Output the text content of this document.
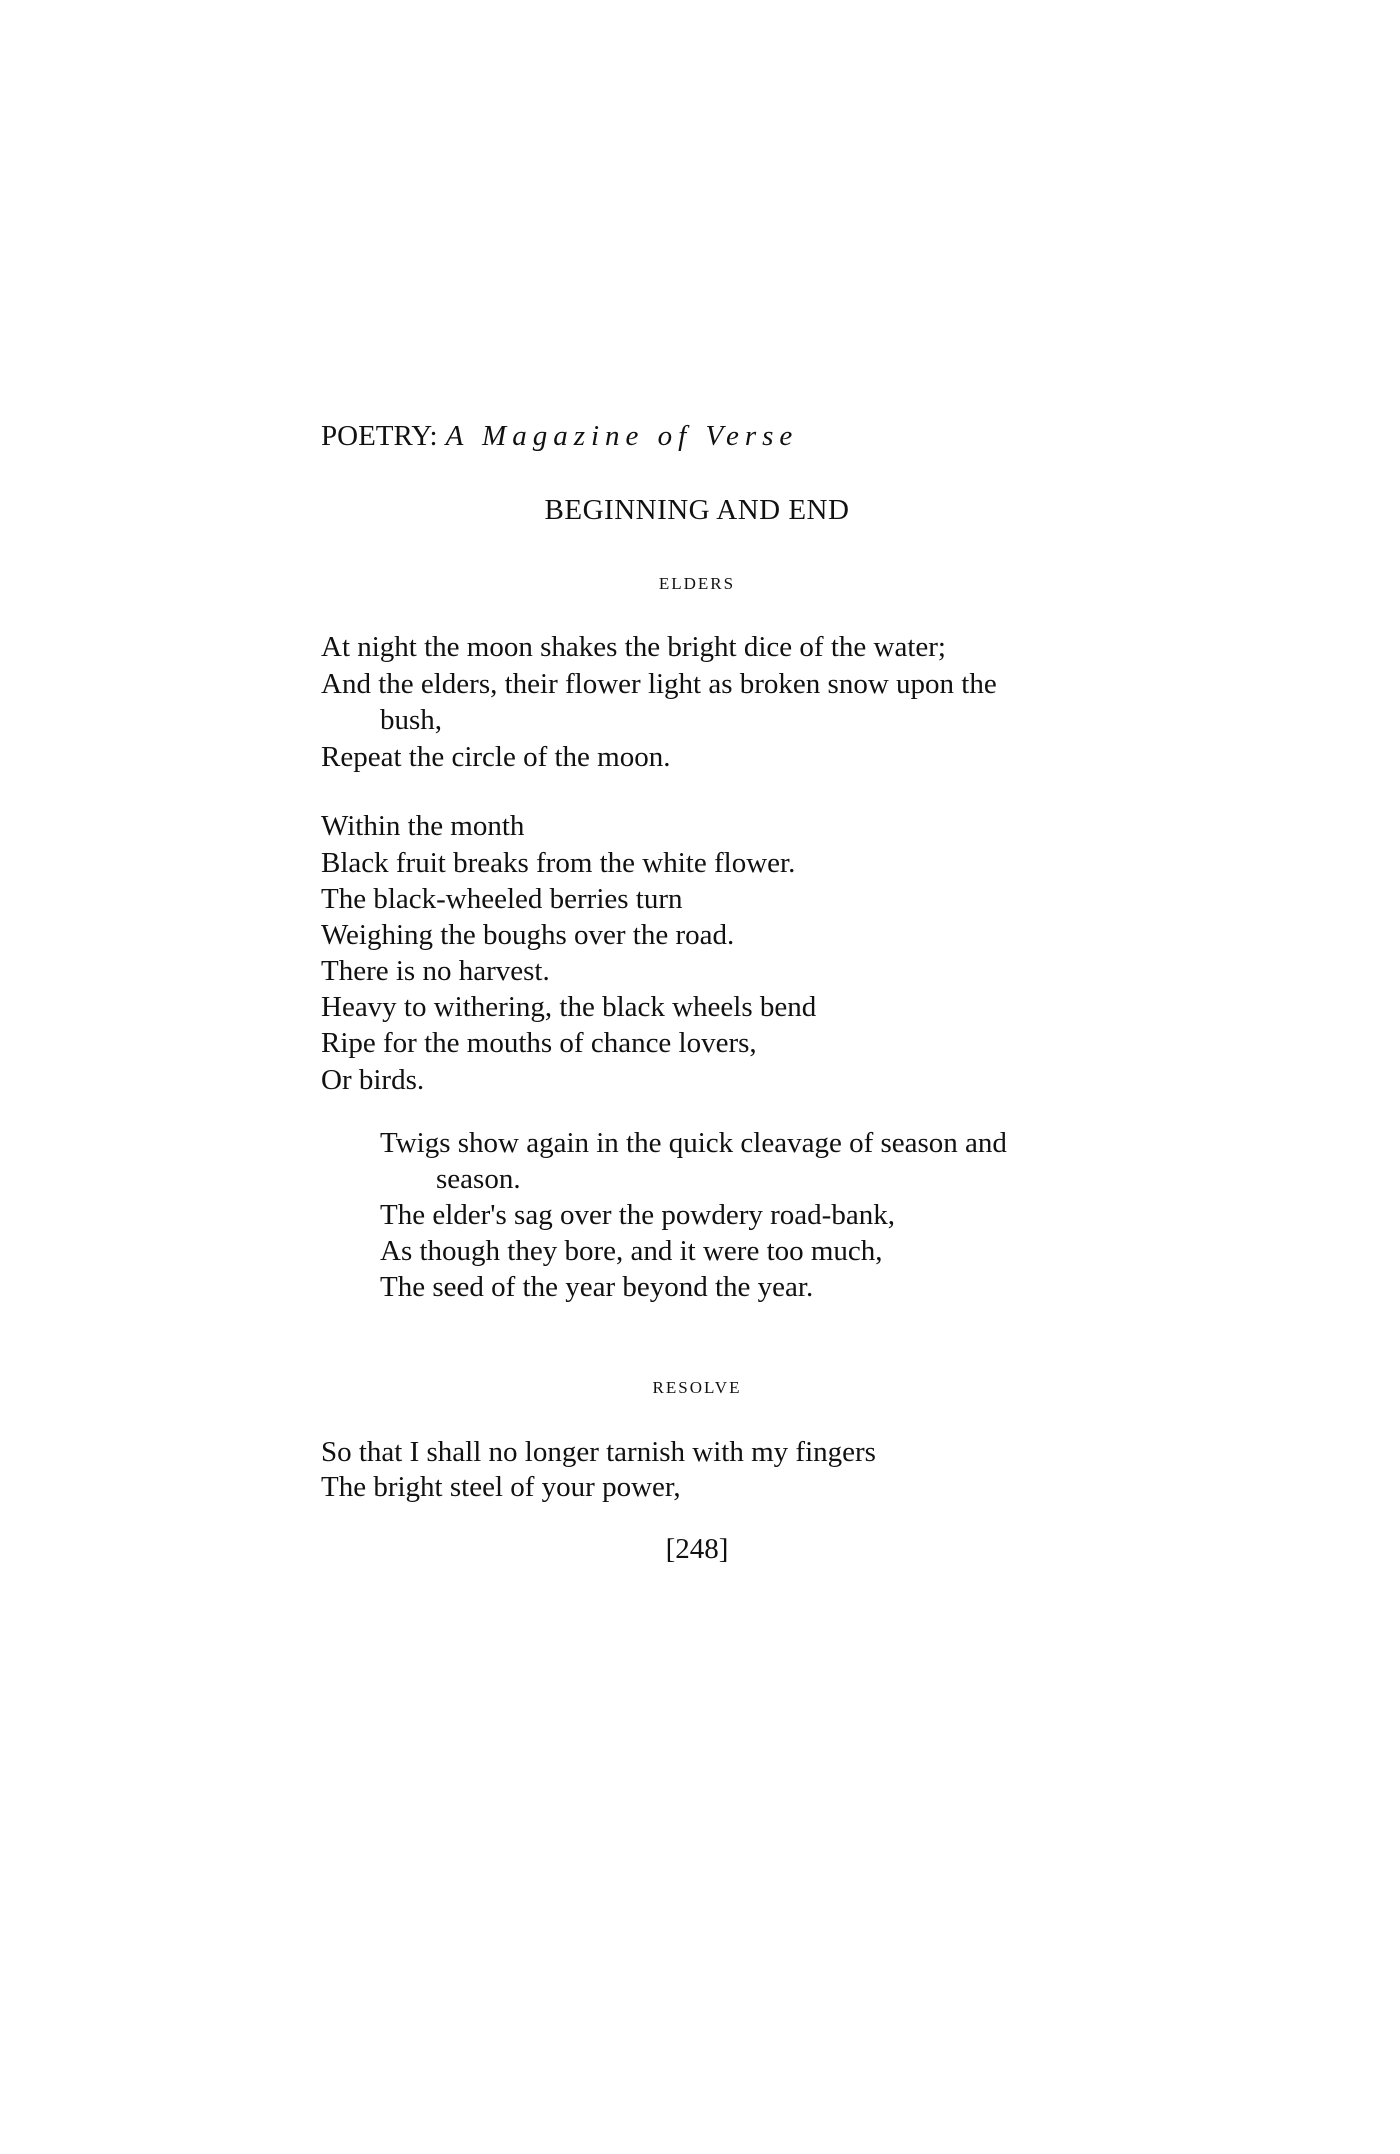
POETRY: A Magazine of Verse
BEGINNING AND END
ELDERS
At night the moon shakes the bright dice of the water;
And the elders, their flower light as broken snow upon the
bush,
Repeat the circle of the moon.
Within the month
Black fruit breaks from the white flower.
The black-wheeled berries turn
Weighing the boughs over the road.
There is no harvest.
Heavy to withering, the black wheels bend
Ripe for the mouths of chance lovers,
Or birds.
Twigs show again in the quick cleavage of season and
season.
The elder's sag over the powdery road-bank,
As though they bore, and it were too much,
The seed of the year beyond the year.
RESOLVE
So that I shall no longer tarnish with my fingers
The bright steel of your power,
[248]
